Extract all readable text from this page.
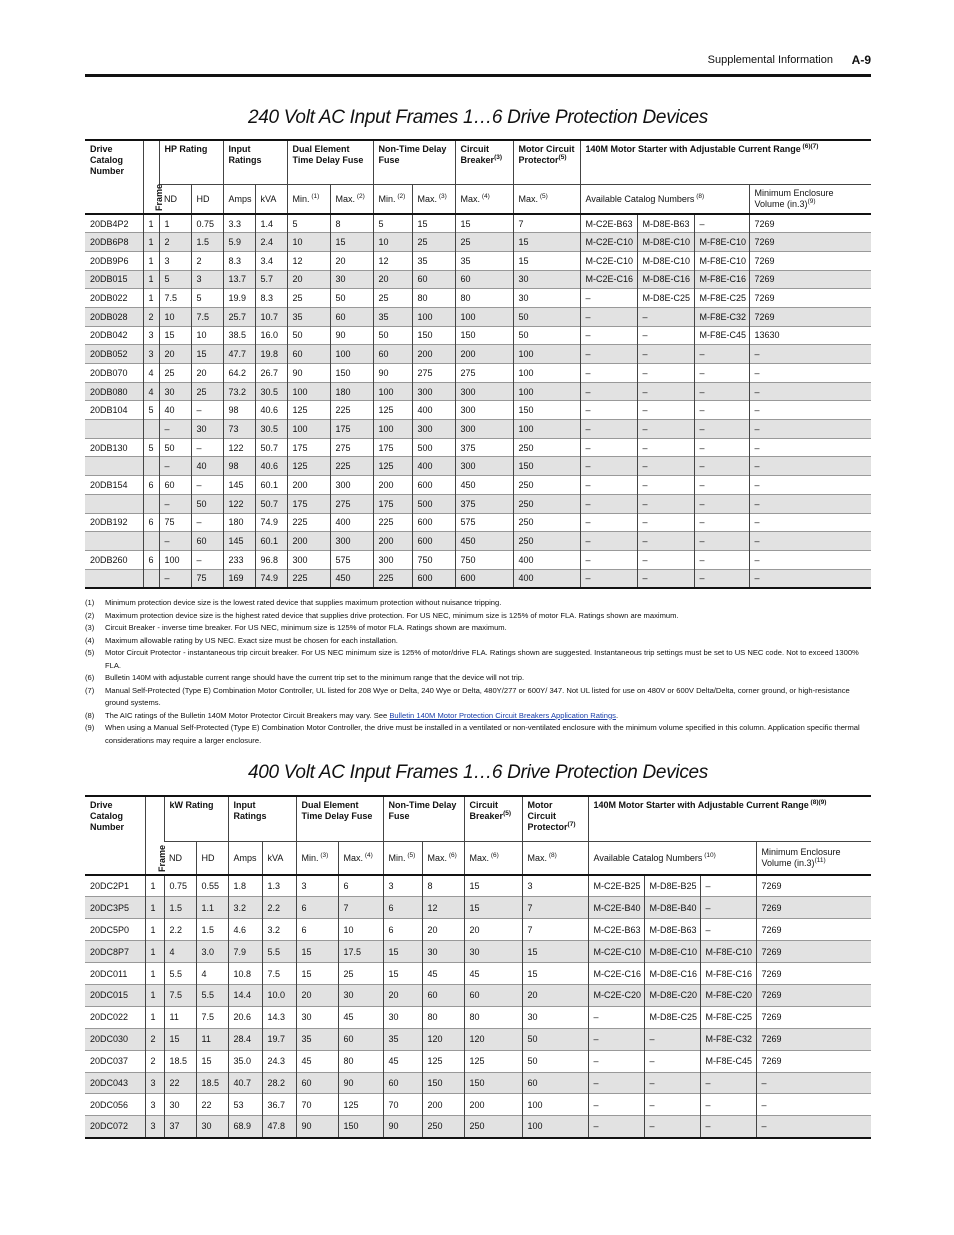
Supplemental Information A-9
240 Volt AC Input Frames 1…6 Drive Protection Devices
Drive Catalog Number	Frame	HP Rating		Input Ratings		Dual Element Time Delay Fuse		Non-Time Delay Fuse		Circuit Breaker$^{(3)}$	Motor Circuit Protector$^{(5)}$	140M Motor Starter with Adjustable Current Range $^{(6)(7)}$
		ND	HD	Amps	kVA	Min. $^{(1)}$	Max. $^{(2)}$	Min. $^{(2)}$	Max. $^{(3)}$	Max. $^{(4)}$	Max. $^{(5)}$	Available Catalog Numbers $^{(8)}$			Minimum Enclosure Volume $(in.3)^{(9)}$
20DB4P2	1	1	0.75	3.3	1.4	5	8	5	15	15	7	M-C2E-B63	M-D8E-B63	–	7269
20DB6P8	1	2	1.5	5.9	2.4	10	15	10	25	25	15	M-C2E-C10	M-D8E-C10	M-F8E-C10	7269
20DB9P6	1	3	2	8.3	3.4	12	20	12	35	35	15	M-C2E-C10	M-D8E-C10	M-F8E-C10	7269
20DB015	1	5	3	13.7	5.7	20	30	20	60	60	30	M-C2E-C16	M-D8E-C16	M-F8E-C16	7269
20DB022	1	7.5	5	19.9	8.3	25	50	25	80	80	30	–	M-D8E-C25	M-F8E-C25	7269
20DB028	2	10	7.5	25.7	10.7	35	60	35	100	100	50	–	–	M-F8E-C32	7269
20DB042	3	15	10	38.5	16.0	50	90	50	150	150	50	–	–	M-F8E-C45	13630
20DB052	3	20	15	47.7	19.8	60	100	60	200	200	100	–	–	–	–
20DB070	4	25	20	64.2	26.7	90	150	90	275	275	100	–	–	–	–
20DB080	4	30	25	73.2	30.5	100	180	100	300	300	100	–	–	–	–
20DB104	5	40	–	98	40.6	125	225	125	400	300	150	–	–	–	–
		–	30	73	30.5	100	175	100	300	300	100	–	–	–	–
20DB130	5	50	–	122	50.7	175	275	175	500	375	250	–	–	–	–
		–	40	98	40.6	125	225	125	400	300	150	–	–	–	–
20DB154	6	60	–	145	60.1	200	300	200	600	450	250	–	–	–	–
		–	50	122	50.7	175	275	175	500	375	250	–	–	–	–
20DB192	6	75	–	180	74.9	225	400	225	600	575	250	–	–	–	–
		–	60	145	60.1	200	300	200	600	450	250	–	–	–	–
20DB260	6	100	–	233	96.8	300	575	300	750	750	400	–	–	–	–
		–	75	169	74.9	225	450	225	600	600	400	–	–	–	–
(1)	Minimum protection device size is the lowest rated device that supplies maximum protection without nuisance tripping.
(2)	Maximum protection device size is the highest rated device that supplies drive protection. For US NEC, minimum size is 125% of motor FLA. Ratings shown are maximum.
(3)	Circuit Breaker - inverse time breaker. For US NEC, minimum size is 125% of motor FLA. Ratings shown are maximum.
(4)	Maximum allowable rating by US NEC. Exact size must be chosen for each installation.
(5)	Motor Circuit Protector - instantaneous trip circuit breaker. For US NEC minimum size is 125% of motor/drive FLA. Ratings shown are suggested. Instantaneous trip settings must be set to US NEC code. Not to exceed 1300% FLA.
(6)	Bulletin 140M with adjustable current range should have the current trip set to the minimum range that the device will not trip.
(7)	Manual Self-Protected (Type E) Combination Motor Controller, UL listed for 208 Wye or Delta, 240 Wye or Delta, 480Y/277 or 600Y/ 347. Not UL listed for use on 480V or 600V Delta/Delta, corner ground, or high-resistance ground systems.
(8)	The AIC ratings of the Bulletin 140M Motor Protector Circuit Breakers may vary. See Bulletin 140M Motor Protection Circuit Breakers Application Ratings.
(9)	When using a Manual Self-Protected (Type E) Combination Motor Controller, the drive must be installed in a ventilated or non-ventilated enclosure with the minimum volume specified in this column. Application specific thermal considerations may require a larger enclosure.
400 Volt AC Input Frames 1…6 Drive Protection Devices
Drive Catalog Number	Frame	kW Rating		Input Ratings		Dual Element Time Delay Fuse		Non-Time Delay Fuse		Circuit Breaker$^{(5)}$	Motor Circuit Protector$^{(7)}$	140M Motor Starter with Adjustable Current Range $^{(8)(9)}$
		ND	HD	Amps	kVA	Min. $^{(3)}$	Max. $^{(4)}$	Min. $^{(5)}$	Max. $^{(6)}$	Max. $^{(6)}$	Max. $^{(8)}$	Available Catalog Numbers $^{(10)}$			Minimum Enclosure Volume $(in.3)^{(11)}$
20DC2P1	1	0.75	0.55	1.8	1.3	3	6	3	8	15	3	M-C2E-B25	M-D8E-B25	–	7269
20DC3P5	1	1.5	1.1	3.2	2.2	6	7	6	12	15	7	M-C2E-B40	M-D8E-B40	–	7269
20DC5P0	1	2.2	1.5	4.6	3.2	6	10	6	20	20	7	M-C2E-B63	M-D8E-B63	–	7269
20DC8P7	1	4	3.0	7.9	5.5	15	17.5	15	30	30	15	M-C2E-C10	M-D8E-C10	M-F8E-C10	7269
20DC011	1	5.5	4	10.8	7.5	15	25	15	45	45	15	M-C2E-C16	M-D8E-C16	M-F8E-C16	7269
20DC015	1	7.5	5.5	14.4	10.0	20	30	20	60	60	20	M-C2E-C20	M-D8E-C20	M-F8E-C20	7269
20DC022	1	11	7.5	20.6	14.3	30	45	30	80	80	30	–	M-D8E-C25	M-F8E-C25	7269
20DC030	2	15	11	28.4	19.7	35	60	35	120	120	50	–	–	M-F8E-C32	7269
20DC037	2	18.5	15	35.0	24.3	45	80	45	125	125	50	–	–	M-F8E-C45	7269
20DC043	3	22	18.5	40.7	28.2	60	90	60	150	150	60	–	–	–	–
20DC056	3	30	22	53	36.7	70	125	70	200	200	100	–	–	–	–
20DC072	3	37	30	68.9	47.8	90	150	90	250	250	100	–	–	–	–
